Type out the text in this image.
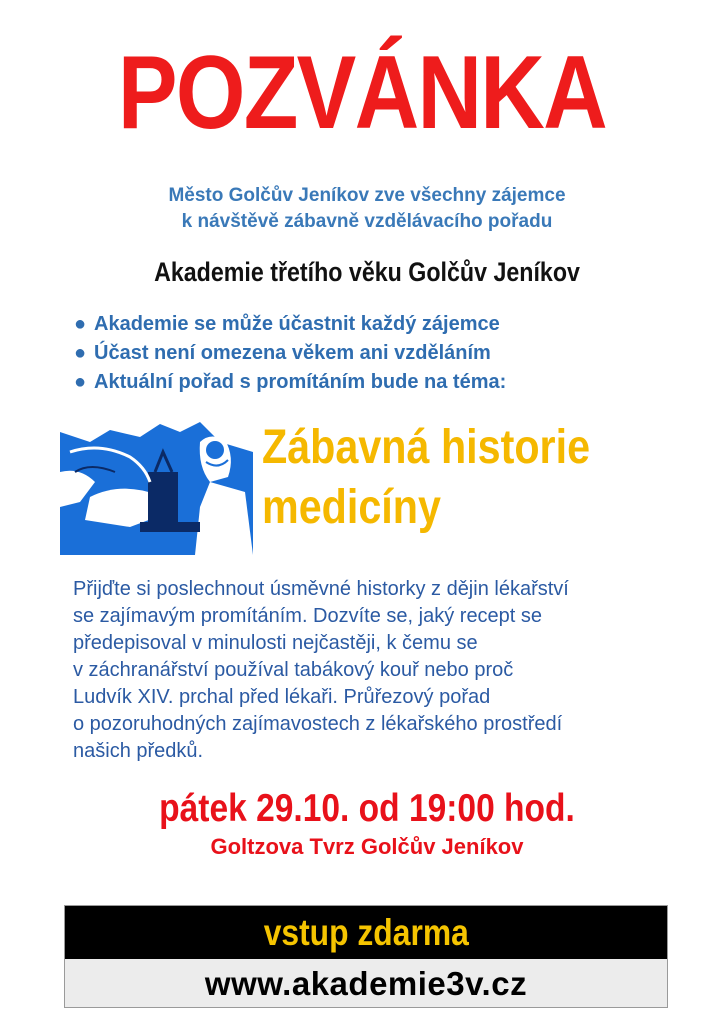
POZVÁNKA
Město Golčův Jeníkov zve všechny zájemce
k návštěvě zábavně vzdělávacího pořadu
Akademie třetího věku Golčův Jeníkov
● Akademie se může účastnit každý zájemce
● Účast není omezena věkem ani vzděláním
● Aktuální pořad s promítáním bude na téma:
Zábavná historie
medicíny

Přijďte si poslechnout úsměvné historky z dějin lékařství

se zajímavým promítáním. Dozvíte se, jaký recept se

předepisoval v minulosti nejčastěji, k čemu se

v záchranářství používal tabákový kouř nebo proč

Ludvík XIV. prchal před lékaři. Průřezový pořad

o pozoruhodných zajímavostech z lékařského prostředí

našich předků.

pátek 29.10. od 19:00 hod.
Goltzova Tvrz Golčův Jeníkov
vstup zdarma
www.akademie3v.cz
